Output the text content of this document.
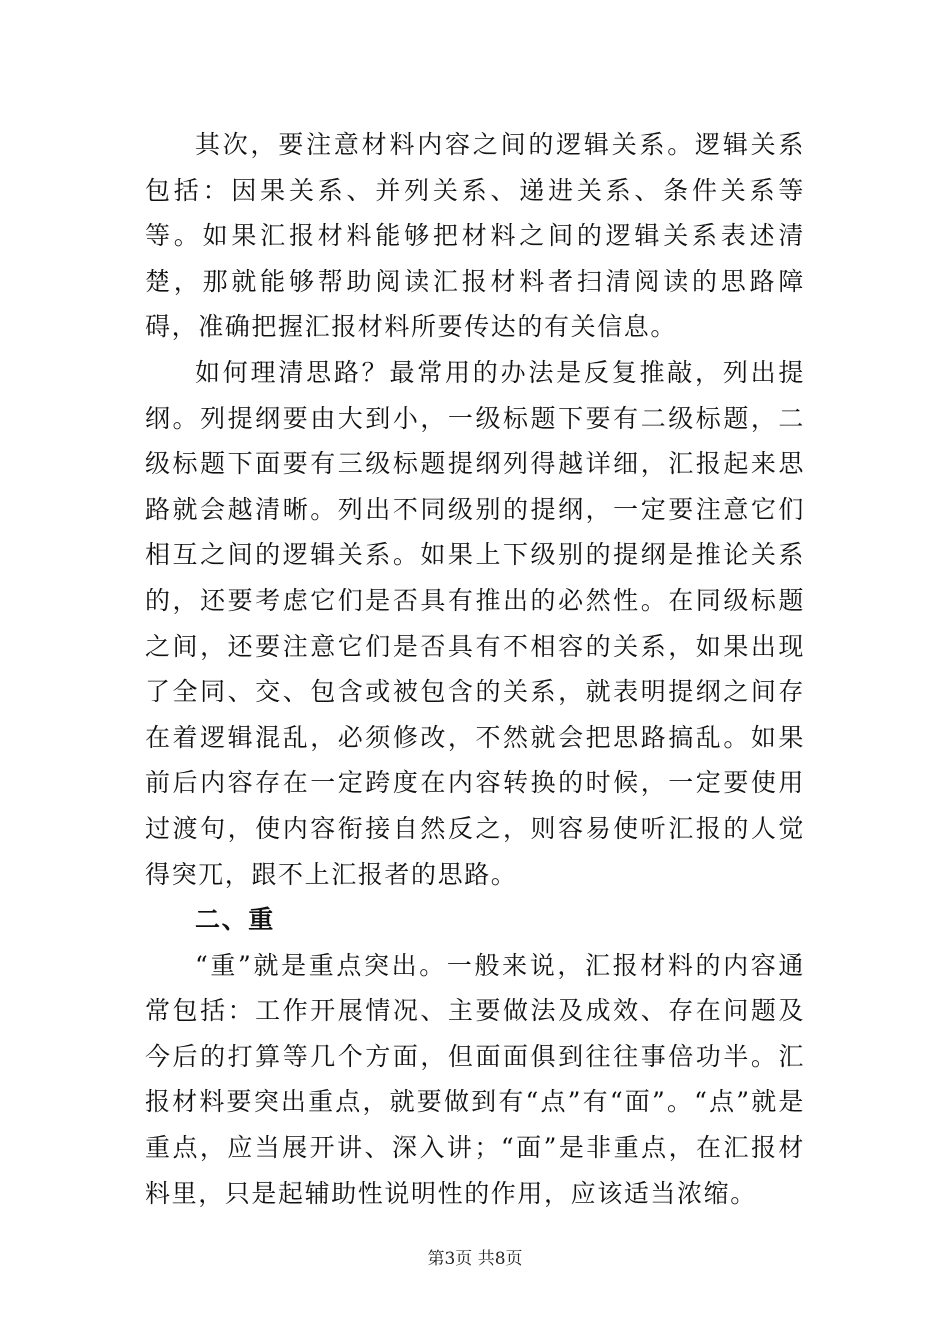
其次，要注意材料内容之间的逻辑关系。逻辑关系包括：因果关系、并列关系、递进关系、条件关系等等。如果汇报材料能够把材料之间的逻辑关系表述清楚，那就能够帮助阅读汇报材料者扫清阅读的思路障碍，准确把握汇报材料所要传达的有关信息。

如何理清思路？最常用的办法是反复推敲，列出提纲。列提纲要由大到小，一级标题下要有二级标题，二级标题下面要有三级标题提纲列得越详细，汇报起来思路就会越清晰。列出不同级别的提纲，一定要注意它们相互之间的逻辑关系。如果上下级别的提纲是推论关系的，还要考虑它们是否具有推出的必然性。在同级标题之间，还要注意它们是否具有不相容的关系，如果出现了全同、交、包含或被包含的关系，就表明提纲之间存在着逻辑混乱，必须修改，不然就会把思路搞乱。如果前后内容存在一定跨度在内容转换的时候，一定要使用过渡句，使内容衔接自然反之，则容易使听汇报的人觉得突兀，跟不上汇报者的思路。

二、重

“重”就是重点突出。一般来说，汇报材料的内容通常包括：工作开展情况、主要做法及成效、存在问题及今后的打算等几个方面，但面面俱到往往事倍功半。汇报材料要突出重点，就要做到有“点”有“面”。“点”就是重点，应当展开讲、深入讲；“面”是非重点，在汇报材料里，只是起辅助性说明性的作用，应该适当浓缩。

第3页 共8页
